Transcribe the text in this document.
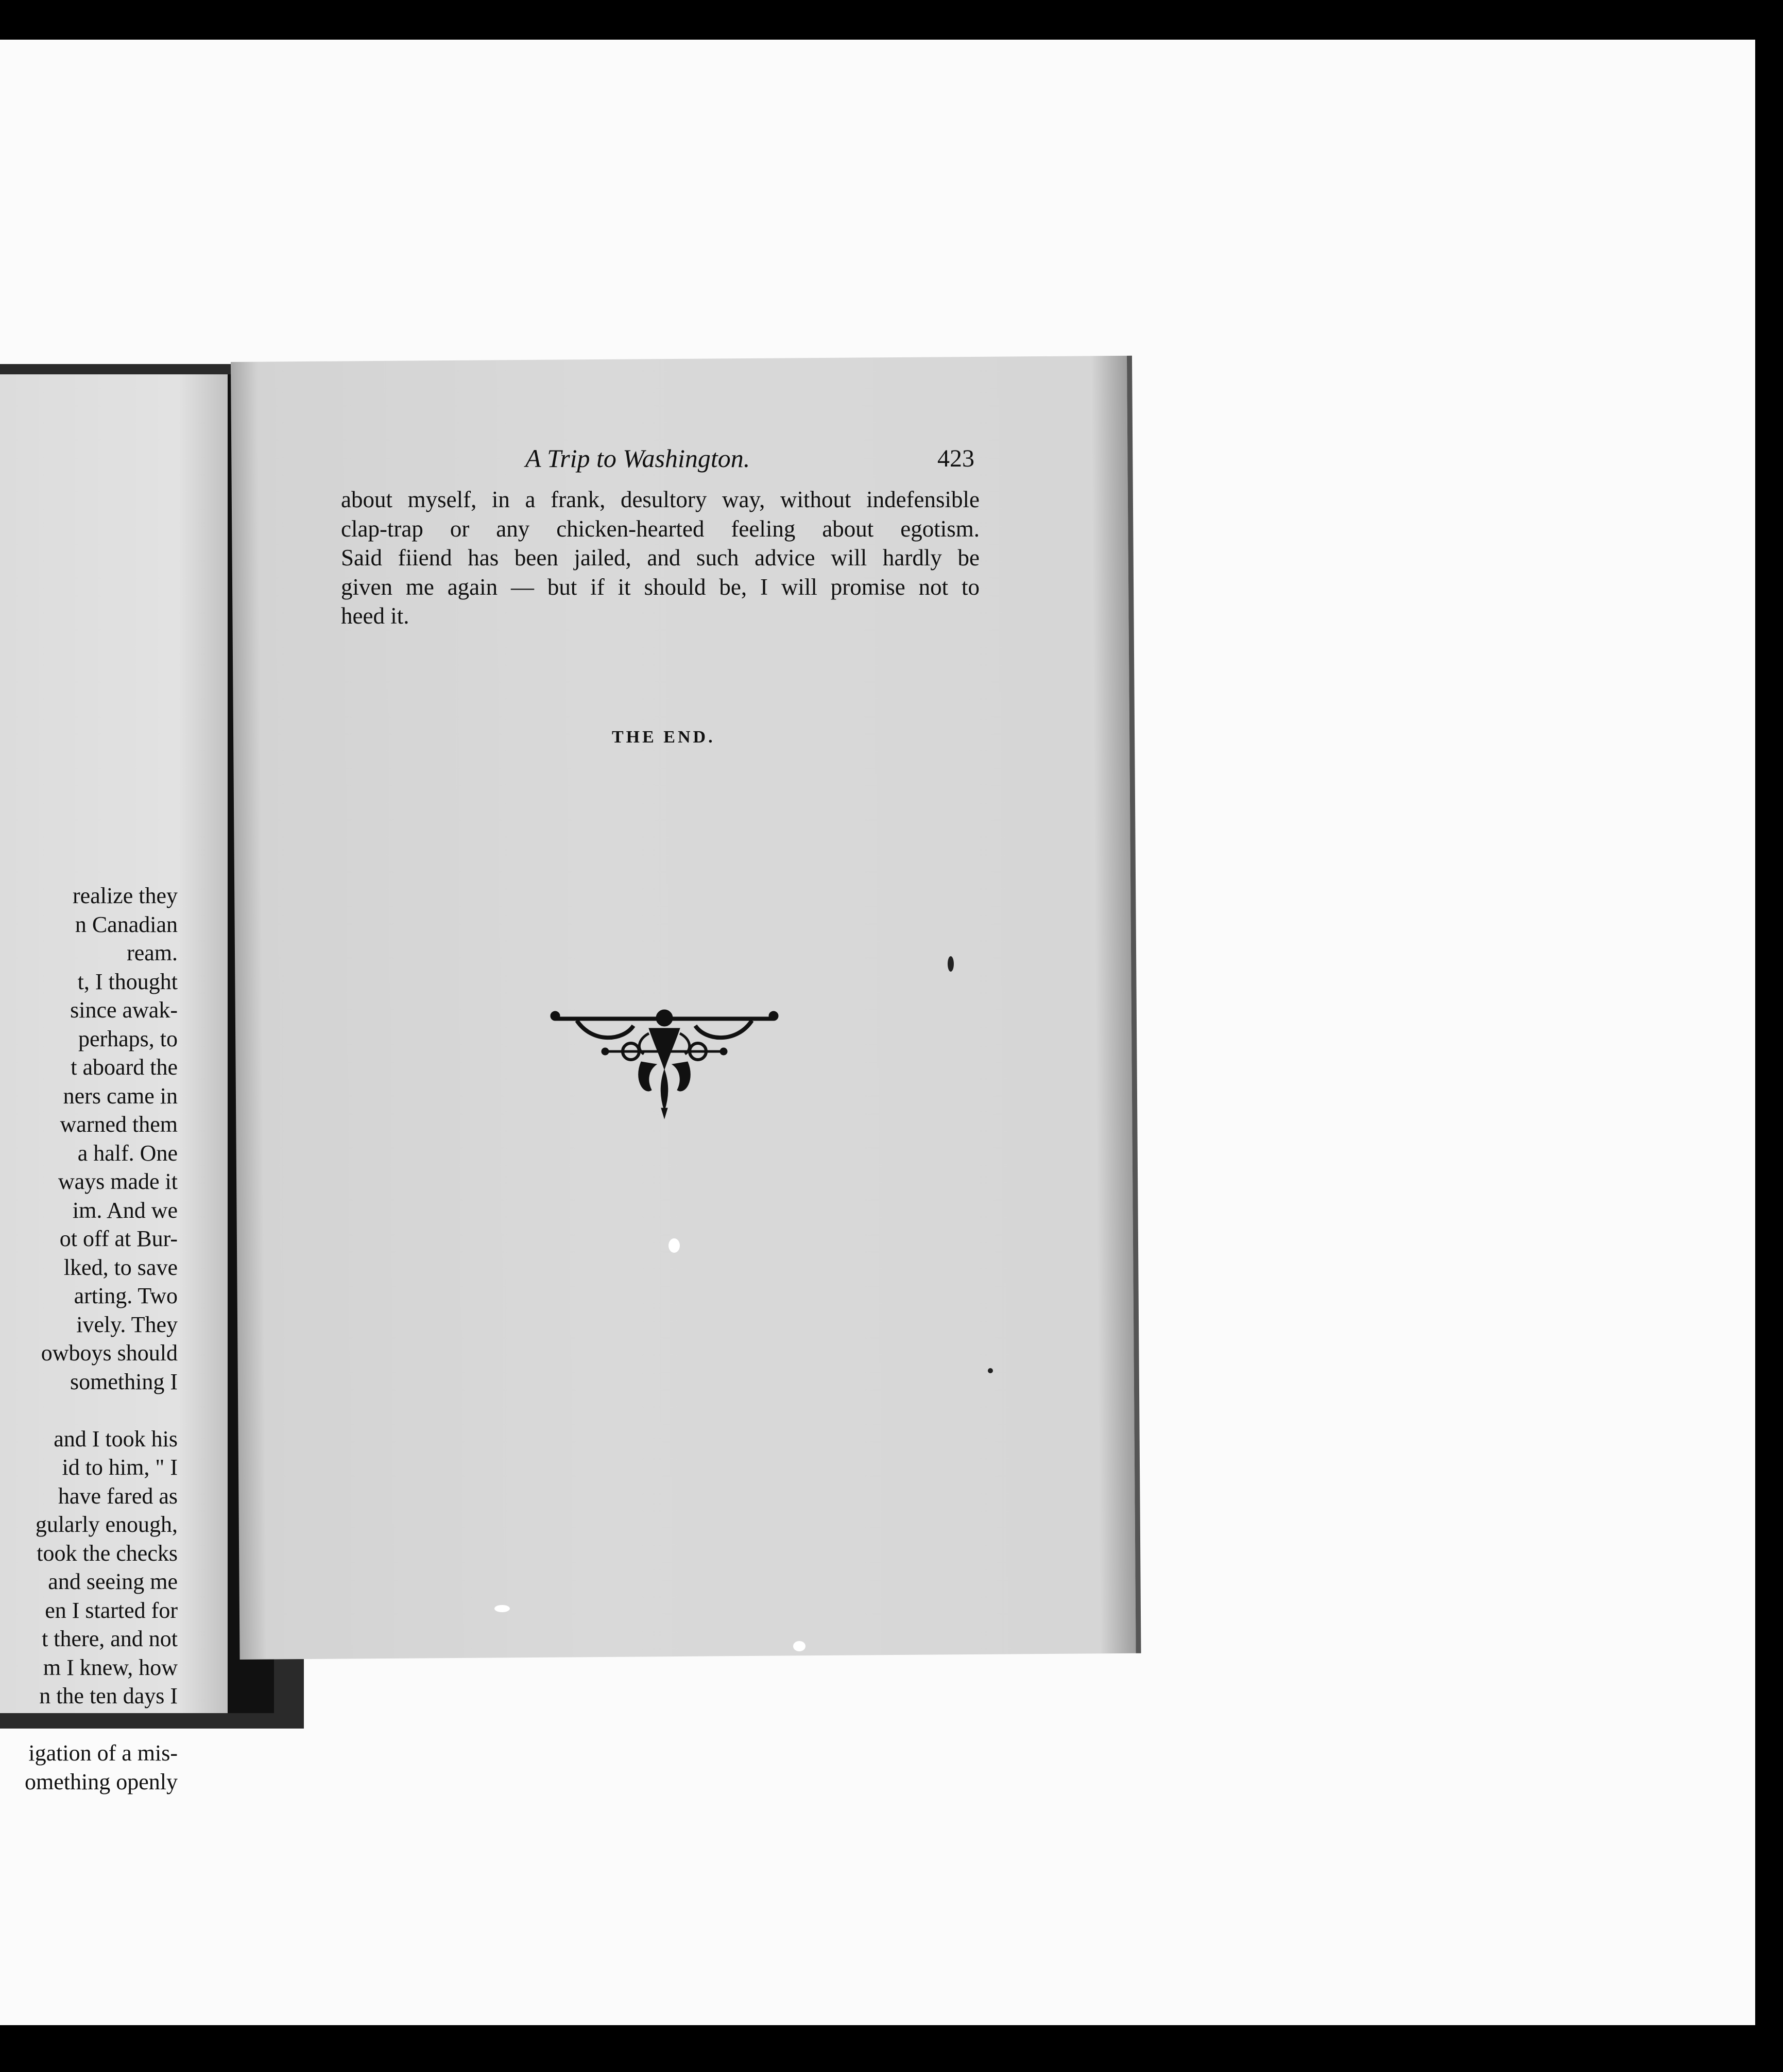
realize they
n Canadian
ream.
t, I thought
since awak-
perhaps, to
t aboard the
ners came in
warned them
a half. One
ways made it
im. And we
ot off at Bur-
lked, to save
arting. Two
ively. They
owboys should
something I
and I took his
id to him, " I
have fared as
gularly enough,
took the checks
and seeing me
en I started for
t there, and not
m I knew, how
n the ten days I
igation of a mis-
omething openly
A Trip to Washington.	423
about myself, in a frank, desultory way, without indefensible
clap-trap or any chicken-hearted feeling about egotism.
Said fiiend has been jailed, and such advice will hardly be
given me again — but if it should be, I will promise not to
heed it.
THE END.
